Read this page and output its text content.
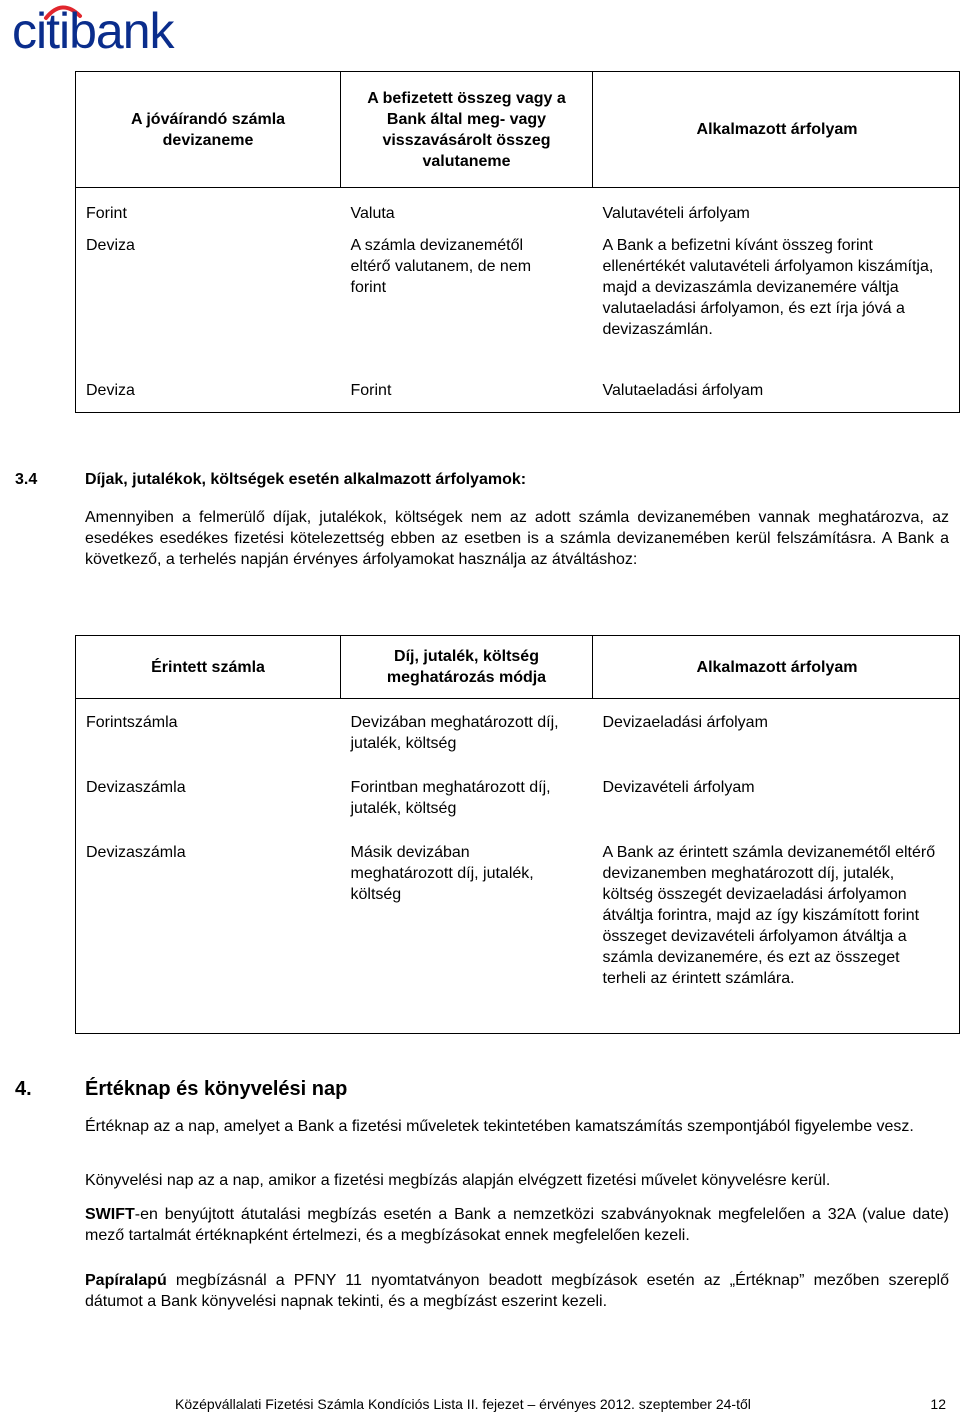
citibank
A jóváírandó számla devizaneme	A befizetett összeg vagy a Bank által meg- vagy visszavásárolt összeg valutaneme	Alkalmazott árfolyam
Forint	Valuta	Valutavételi árfolyam
Deviza	A számla devizanemétől eltérő valutanem, de nem forint	A Bank a befizetni kívánt összeg forint ellenértékét valutavételi árfolyamon kiszámítja, majd a devizaszámla devizanemére váltja valutaeladási árfolyamon, és ezt írja jóvá a devizaszámlán.
Deviza	Forint	Valutaeladási árfolyam
3.4	Díjak, jutalékok, költségek esetén alkalmazott árfolyamok:
Amennyiben a felmerülő díjak, jutalékok, költségek nem az adott számla devizanemében vannak meghatározva, az esedékes esedékes fizetési kötelezettség ebben az esetben is a számla devizanemében kerül felszámításra. A Bank a következő, a terhelés napján érvényes árfolyamokat használja az átváltáshoz:
Érintett számla	Díj, jutalék, költség meghatározás módja	Alkalmazott árfolyam
Forintszámla	Devizában meghatározott díj, jutalék, költség	Devizaeladási árfolyam
Devizaszámla	Forintban meghatározott díj, jutalék, költség	Devizavételi árfolyam
Devizaszámla	Másik devizában meghatározott díj, jutalék, költség	A Bank az érintett számla devizanemétől eltérő devizanemben meghatározott díj, jutalék, költség összegét devizaeladási árfolyamon átváltja forintra, majd az így kiszámított forint összeget devizavételi árfolyamon átváltja a számla devizanemére, és ezt az összeget terheli az érintett számlára.
4.	Értéknap és könyvelési nap
Értéknap az a nap, amelyet a Bank a fizetési műveletek tekintetében kamatszámítás szempontjából figyelembe vesz.
Könyvelési nap az a nap, amikor a fizetési megbízás alapján elvégzett fizetési művelet könyvelésre kerül.
SWIFT-en benyújtott átutalási megbízás esetén a Bank a nemzetközi szabványoknak megfelelően a 32A (value date) mező tartalmát értéknapként értelmezi, és a megbízásokat ennek megfelelően kezeli.
Papíralapú megbízásnál a PFNY 11 nyomtatványon beadott megbízások esetén az „Értéknap” mezőben szereplő dátumot a Bank könyvelési napnak tekinti, és a megbízást eszerint kezeli.
Középvállalati Fizetési Számla Kondíciós Lista II. fejezet – érvényes 2012. szeptember 24-től	12
